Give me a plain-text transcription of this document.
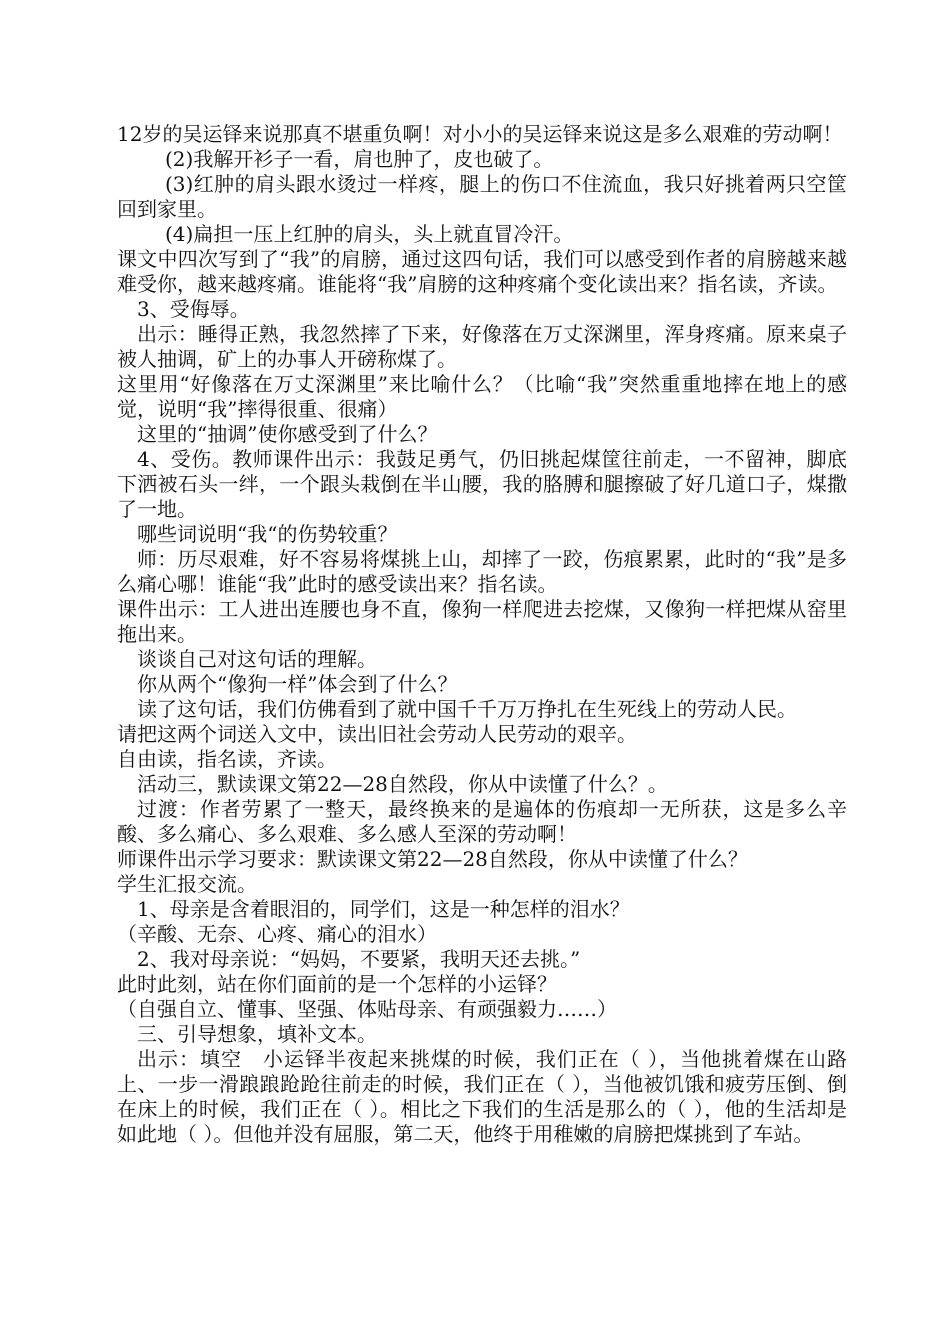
12岁的吴运铎来说那真不堪重负啊！对小小的吴运铎来说这是多么艰难的劳动啊！

(2)我解开衫子一看，肩也肿了，皮也破了。

(3)红肿的肩头跟水烫过一样疼，腿上的伤口不住流血，我只好挑着两只空筐回到家里。

(4)扁担一压上红肿的肩头，头上就直冒冷汗。

课文中四次写到了“我”的肩膀，通过这四句话，我们可以感受到作者的肩膀越来越难受你，越来越疼痛。谁能将“我”肩膀的这种疼痛个变化读出来？指名读，齐读。

3、受侮辱。

出示：睡得正熟，我忽然摔了下来，好像落在万丈深渊里，浑身疼痛。原来桌子被人抽调，矿上的办事人开磅称煤了。

这里用“好像落在万丈深渊里”来比喻什么？（比喻“我”突然重重地摔在地上的感觉，说明“我”摔得很重、很痛）

这里的“抽调”使你感受到了什么？

4、受伤。教师课件出示：我鼓足勇气，仍旧挑起煤筐往前走，一不留神，脚底下洒被石头一绊，一个跟头栽倒在半山腰，我的胳膊和腿擦破了好几道口子，煤撒了一地。

哪些词说明“我“的伤势较重？

师：历尽艰难，好不容易将煤挑上山，却摔了一跤，伤痕累累，此时的“我”是多么痛心哪！谁能“我”此时的感受读出来？指名读。

课件出示：工人进出连腰也身不直，像狗一样爬进去挖煤，又像狗一样把煤从窑里拖出来。

谈谈自己对这句话的理解。

你从两个“像狗一样”体会到了什么？

读了这句话，我们仿佛看到了就中国千千万万挣扎在生死线上的劳动人民。

请把这两个词送入文中，读出旧社会劳动人民劳动的艰辛。

自由读，指名读，齐读。

活动三，默读课文第22—28自然段，你从中读懂了什么？。

过渡：作者劳累了一整天，最终换来的是遍体的伤痕却一无所获，这是多么辛酸、多么痛心、多么艰难、多么感人至深的劳动啊！

师课件出示学习要求：默读课文第22—28自然段，你从中读懂了什么？

学生汇报交流。

1、母亲是含着眼泪的，同学们，这是一种怎样的泪水？

（辛酸、无奈、心疼、痛心的泪水）

2、我对母亲说：“妈妈，不要紧，我明天还去挑。”

此时此刻，站在你们面前的是一个怎样的小运铎？

（自强自立、懂事、坚强、体贴母亲、有顽强毅力……）

三、引导想象，填补文本。

出示：填空　小运铎半夜起来挑煤的时候，我们正在（ ），当他挑着煤在山路上、一步一滑踉踉跄跄往前走的时候，我们正在（ ），当他被饥饿和疲劳压倒、倒在床上的时候，我们正在（ ）。相比之下我们的生活是那么的（ ），他的生活却是如此地（ ）。但他并没有屈服，第二天，他终于用稚嫩的肩膀把煤挑到了车站。
